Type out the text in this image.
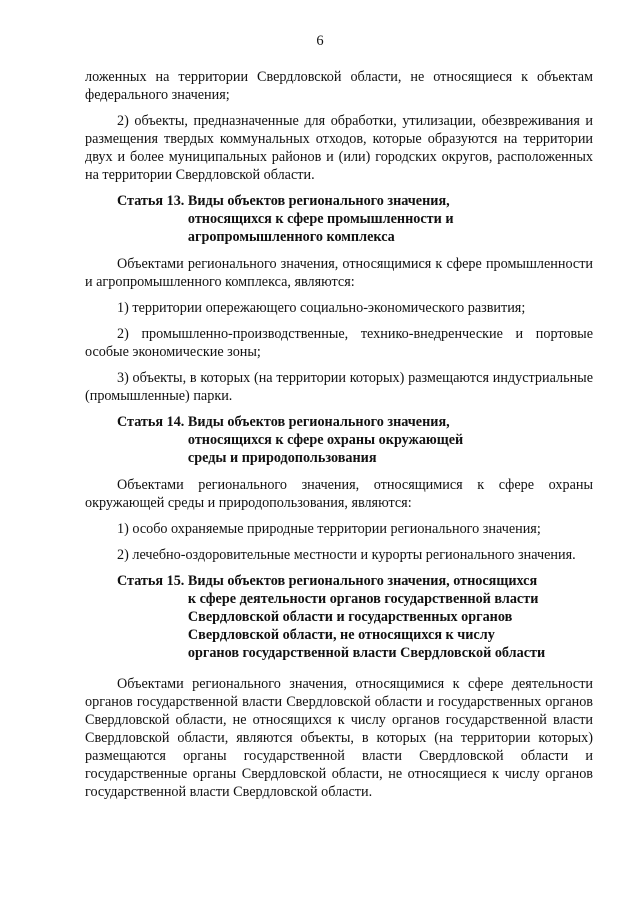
6

ложенных на территории Свердловской области, не относящиеся к объектам федерального значения;

2) объекты, предназначенные для обработки, утилизации, обезвреживания и размещения твердых коммунальных отходов, которые образуются на территории двух и более муниципальных районов и (или) городских округов, расположенных на территории Свердловской области.

Статья 13. Виды объектов регионального значения,
относящихся к сфере промышленности и
агропромышленного комплекса

Объектами регионального значения, относящимися к сфере промышленности и агропромышленного комплекса, являются:

1) территории опережающего социально-экономического развития;

2) промышленно-производственные, технико-внедренческие и портовые особые экономические зоны;

3) объекты, в которых (на территории которых) размещаются индустриальные (промышленные) парки.

Статья 14. Виды объектов регионального значения,
относящихся к сфере охраны окружающей
среды и природопользования

Объектами регионального значения, относящимися к сфере охраны окружающей среды и природопользования, являются:

1) особо охраняемые природные территории регионального значения;

2) лечебно-оздоровительные местности и курорты регионального значения.

Статья 15. Виды объектов регионального значения, относящихся
к сфере деятельности органов государственной власти
Свердловской области и государственных органов
Свердловской области, не относящихся к числу
органов государственной власти Свердловской области

Объектами регионального значения, относящимися к сфере деятельности органов государственной власти Свердловской области и государственных органов Свердловской области, не относящихся к числу органов государственной власти Свердловской области, являются объекты, в которых (на территории которых) размещаются органы государственной власти Свердловской области и государственные органы Свердловской области, не относящиеся к числу органов государственной власти Свердловской области.
